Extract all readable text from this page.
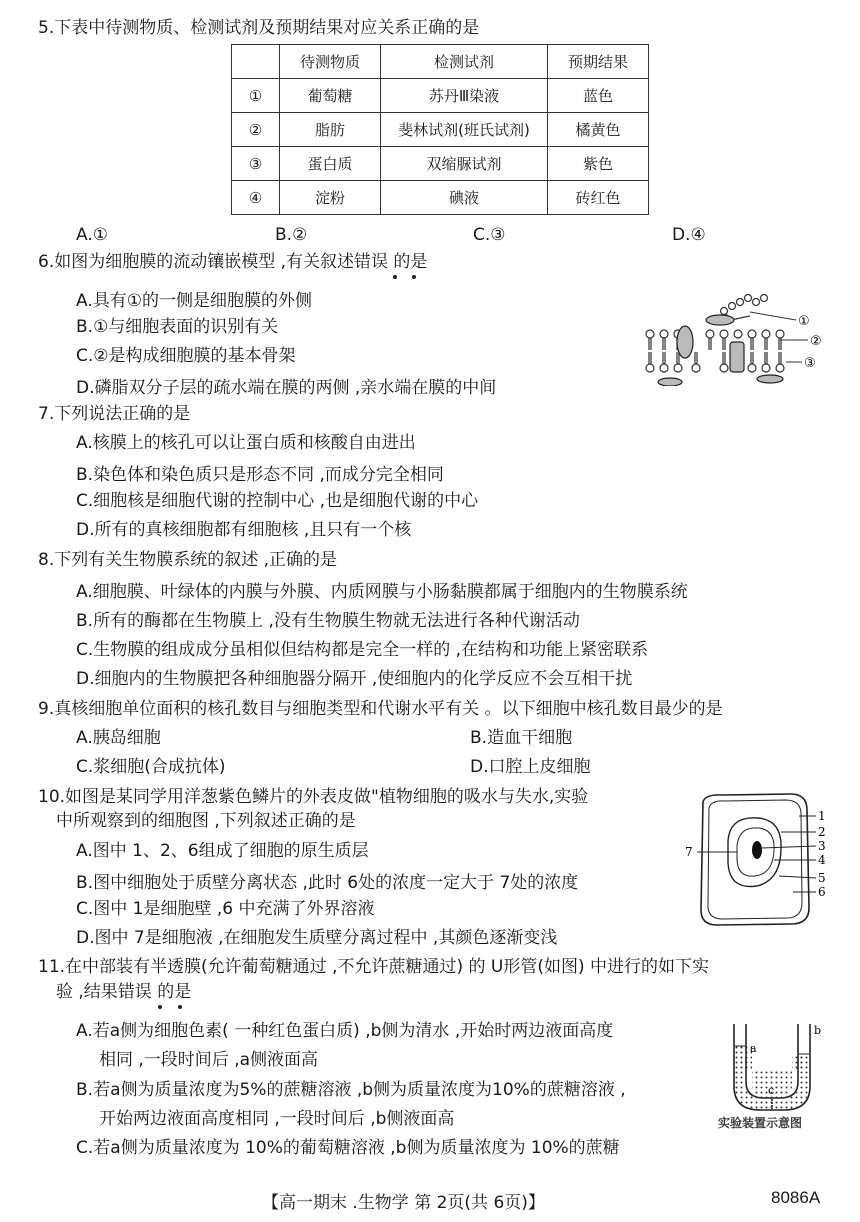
5.下表中待测物质、检测试剂及预期结果对应关系正确的是
	待测物质	检测试剂	预期结果
①	葡萄糖	苏丹Ⅲ染液	蓝色
②	脂肪	斐林试剂(班氏试剂)	橘黄色
③	蛋白质	双缩脲试剂	紫色
④	淀粉	碘液	砖红色
A.①	B.②	C.③	D.④
6.如图为细胞膜的流动镶嵌模型 ,有关叙述错误 的是
A.具有①的一侧是细胞膜的外侧
B.①与细胞表面的识别有关
C.②是构成细胞膜的基本骨架
D.磷脂双分子层的疏水端在膜的两侧 ,亲水端在膜的中间
①
②
③
7.下列说法正确的是
A.核膜上的核孔可以让蛋白质和核酸自由进出
B.染色体和染色质只是形态不同 ,而成分完全相同
C.细胞核是细胞代谢的控制中心 ,也是细胞代谢的中心
D.所有的真核细胞都有细胞核 ,且只有一个核
8.下列有关生物膜系统的叙述 ,正确的是
A.细胞膜、叶绿体的内膜与外膜、内质网膜与小肠黏膜都属于细胞内的生物膜系统
B.所有的酶都在生物膜上 ,没有生物膜生物就无法进行各种代谢活动
C.生物膜的组成成分虽相似但结构都是完全一样的 ,在结构和功能上紧密联系
D.细胞内的生物膜把各种细胞器分隔开 ,使细胞内的化学反应不会互相干扰
9.真核细胞单位面积的核孔数目与细胞类型和代谢水平有关 。以下细胞中核孔数目最少的是
A.胰岛细胞	B.造血干细胞
C.浆细胞(合成抗体)	D.口腔上皮细胞
10.如图是某同学用洋葱紫色鳞片的外表皮做"植物细胞的吸水与失水,实验
中所观察到的细胞图 ,下列叙述正确的是
A.图中 1、2、6组成了细胞的原生质层
B.图中细胞处于质壁分离状态 ,此时 6处的浓度一定大于 7处的浓度
C.图中 1是细胞壁 ,6 中充满了外界溶液
D.图中 7是细胞液 ,在细胞发生质壁分离过程中 ,其颜色逐渐变浅
1
2
3
4
5
6
7
11.在中部装有半透膜(允许葡萄糖通过 ,不允许蔗糖通过) 的 U形管(如图) 中进行的如下实
验 ,结果错误 的是
A.若a侧为细胞色素( 一种红色蛋白质) ,b侧为清水 ,开始时两边液面高度
相同 ,一段时间后 ,a侧液面高
B.若a侧为质量浓度为5%的蔗糖溶液 ,b侧为质量浓度为10%的蔗糖溶液 ,
开始两边液面高度相同 ,一段时间后 ,b侧液面高
C.若a侧为质量浓度为 10%的葡萄糖溶液 ,b侧为质量浓度为 10%的蔗糖
a
b
c
实验装置示意图
【高一期末 .生物学 第 2页(共 6页)】	8086A
